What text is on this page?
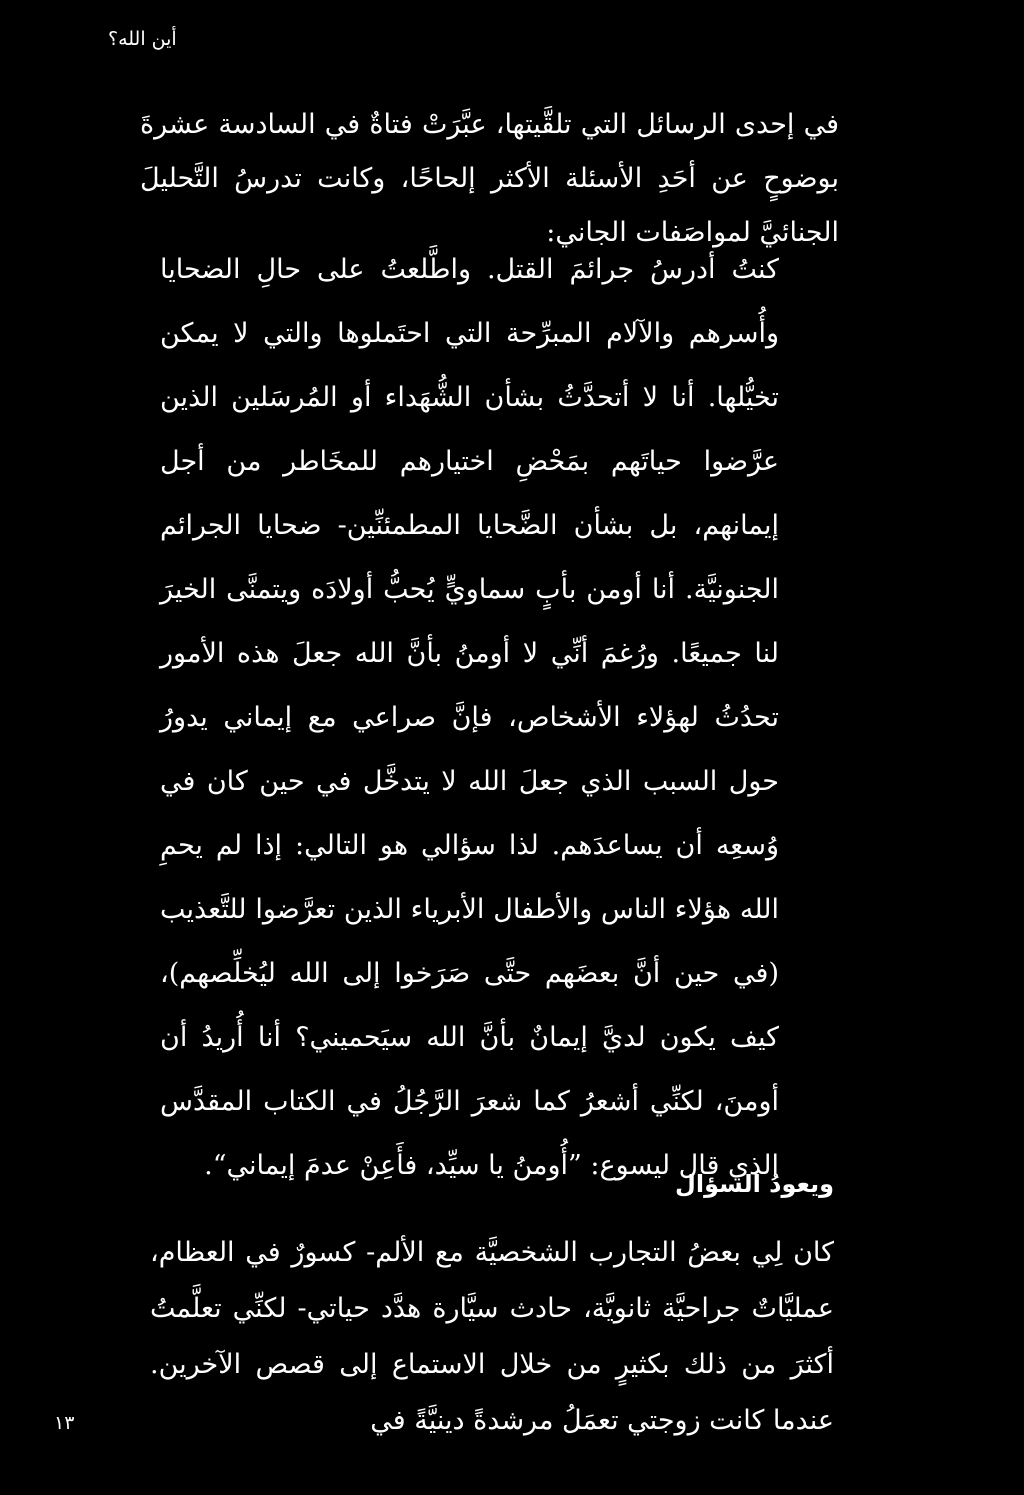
أين الله؟

في إحدى الرسائل التي تلقَّيتها، عبَّرَتْ فتاةٌ في السادسة عشرةَ بوضوحٍ عن أحَدِ الأسئلة الأكثر إلحاحًا، وكانت تدرسُ التَّحليلَ الجنائيَّ لمواصَفات الجاني:

كنتُ أدرسُ جرائمَ القتل. واطَّلعتُ على حالِ الضحايا وأُسرهم والآلام المبرِّحة التي احتَملوها والتي لا يمكن تخيُّلها. أنا لا أتحدَّثُ بشأن الشُّهَداء أو المُرسَلين الذين عرَّضوا حياتَهم بمَحْضِ اختيارهم للمخَاطر من أجل إيمانهم، بل بشأن الضَّحايا المطمئنِّين- ضحايا الجرائم الجنونيَّة. أنا أومن بأبٍ سماويٍّ يُحبُّ أولادَه ويتمنَّى الخيرَ لنا جميعًا. ورُغمَ أنِّي لا أومنُ بأنَّ الله جعلَ هذه الأمور تحدُثُ لهؤلاء الأشخاص، فإنَّ صراعي مع إيماني يدورُ حول السبب الذي جعلَ الله لا يتدخَّل في حين كان في وُسعِه أن يساعدَهم. لذا سؤالي هو التالي: إذا لم يحمِ الله هؤلاء الناس والأطفال الأبرياء الذين تعرَّضوا للتَّعذيب (في حين أنَّ بعضَهم حتَّى صَرَخوا إلى الله ليُخلِّصهم)، كيف يكون لديَّ إيمانٌ بأنَّ الله سيَحميني؟ أنا أُريدُ أن أومنَ، لكنِّي أشعرُ كما شعرَ الرَّجُلُ في الكتاب المقدَّس الذي قال ليسوع: ”أُومنُ يا سيِّد، فأَعِنْ عدمَ إيماني“.

ويعودُ السؤال

كان لِي بعضُ التجارب الشخصيَّة مع الألم- كسورٌ في العظام، عمليَّاتٌ جراحيَّة ثانويَّة، حادث سيَّارة هدَّد حياتي- لكنِّي تعلَّمتُ أكثرَ من ذلك بكثيرٍ من خلال الاستماع إلى قصص الآخرين. عندما كانت زوجتي تعمَلُ مرشدةً دينيَّةً في

١٣
